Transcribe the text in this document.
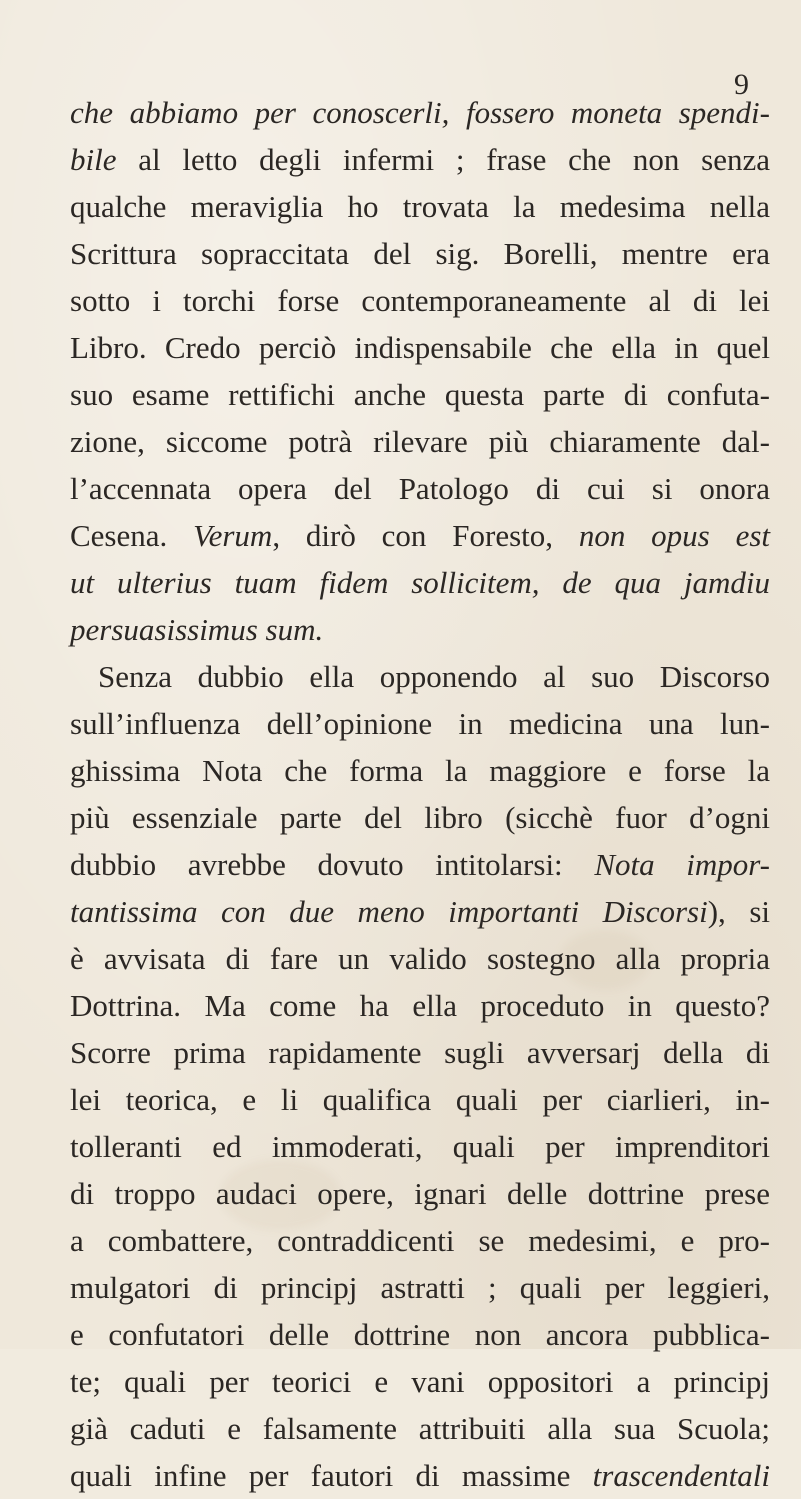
9
che abbiamo per conoscerli, fossero moneta spendi-
bile al letto degli infermi ; frase che non senza
qualche meraviglia ho trovata la medesima nella
Scrittura sopraccitata del sig. Borelli, mentre era
sotto i torchi forse contemporaneamente al di lei
Libro. Credo perciò indispensabile che ella in quel
suo esame rettifichi anche questa parte di confuta-
zione, siccome potrà rilevare più chiaramente dal-
l’accennata opera del Patologo di cui si onora
Cesena. Verum, dirò con Foresto, non opus est
ut ulterius tuam fidem sollicitem, de qua jamdiu
persuasissimus sum.
Senza dubbio ella opponendo al suo Discorso
sull’influenza dell’opinione in medicina una lun-
ghissima Nota che forma la maggiore e forse la
più essenziale parte del libro (sicchè fuor d’ogni
dubbio avrebbe dovuto intitolarsi: Nota impor-
tantissima con due meno importanti Discorsi), si
è avvisata di fare un valido sostegno alla propria
Dottrina. Ma come ha ella proceduto in questo?
Scorre prima rapidamente sugli avversarj della di
lei teorica, e li qualifica quali per ciarlieri, in-
tolleranti ed immoderati, quali per imprenditori
di troppo audaci opere, ignari delle dottrine prese
a combattere, contraddicenti se medesimi, e pro-
mulgatori di principj astratti ; quali per leggieri,
e confutatori delle dottrine non ancora pubblica-
te; quali per teorici e vani oppositori a principj
già caduti e falsamente attribuiti alla sua Scuola;
quali infine per fautori di massime trascendentali
